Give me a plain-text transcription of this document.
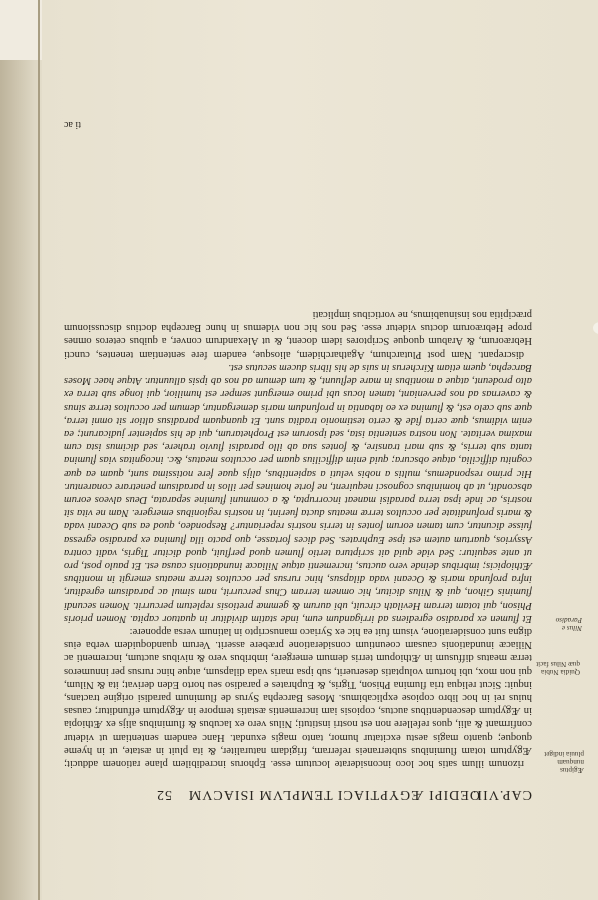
CAP.VII.
52 OEDIPI ÆGYPTIACI TEMPLVM ISIACVM
Ægiptus nunquam pluuia indiget
Quidia Nubia quæ Nilus facit
Nilus e Paradiso

rizonum illum satis hoc loco inconsiderate locutum esse. Ephorus incredibilem plane rationem adducit; Ægyptum totam fluminibus subterraneis referram, frigidam naturaliter, & ita pluit in æstate, ut in hyeme quoque; quanto magis aestu excitatur humor, tanto magis exundat. Hanc eandem sententiam ut videtur confirmant & alii, quos refellere non est nostri instituti; Nilus vero ex lacubus & fluminibus alijs ex Æthiopia in Ægyptum descendentibus auctus, copiosis iam incrementis æstatis tempore in Ægyptum effunditur; causas huius rei in hoc libro copiose explicabimus. Moses Barcepha Syrus de fluminum paradisi origine tractans, inquit: Sicut reliqua tria flumina Phison, Tigris, & Euphrates e paradiso seu horto Eden derivat; ita & Nilum, qui non mox, ubi hortum voluptatis deseruerit, sub ipsa maris vada dilapsum, atque hinc rursus per innumeros terræ meatus diffusum in Æthiopum terris demum emergere, imbribus vero & nivibus auctum, incrementi ac Niliacæ inundationis causam coeuntium consideratione præbere asserit. Verum quandoquidem verba eius digna sunt consideratione, visum fuit ea hic ex Syriaco manuscripto in latinum versa apponere:

Et flumen ex paradiso egrediens ad irrigandum eum, inde statim dividitur in quatuor capita. Nomen prioris Phison, qui totam terram Hevilath circuit, ubi aurum & gemmæ pretiosis repletum percurrit. Nomen secundi fluminis Gihon, qui & Nilus dicitur, hic omnem terram Chus percurrit, nam simul ac paradisum egreditur, infra profunda maris & Oceani vada dilapsus, hinc rursus per occultos terræ meatus emergit in montibus Æthiopicis; imbribus deinde vero auctus, incrementi atque Niliacæ inundationis causa est. Et paulo post, pro ut ante sequitur: Sed vide quid ait scriptura tertio flumen quod perfluit, quod dicitur Tigris, vadit contra Assyrios, quartum autem est ipse Euphrates. Sed dices fortasse, quo pacto illa flumina ex paradiso egressa fuisse dicuntur, cum tamen eorum fontes in terris nostris reperiantur? Respondeo, quod ea sub Oceani vada & maris profunditate per occultos terræ meatus ducta fuerint, in nostris regionibus emergere. Nam ne vita sit nostris, ac inde ipsa terra paradisi maneat incorrupta, & a communi flumine separata, Deus alveos eorum abscondit, ut ab hominibus cognosci nequirent, ne forte homines per illos in paradisum penetrare conarentur. Hic primo respondemus, multis a nobis veluti a sapientibus, alijs quae fere notissima sunt, quam ea quæ cognitu difficilia, atque obscura; quid enim difficilius quam per occultos meatus, &c. incognitas vias flumina tanta sub terris, & sub mari transire, & fontes sua ab illo paradisi fluvio trahere, sed dicimus ista cum maxima veritate. Non nostra sententia ista, sed ipsorum est Prophetarum, qui de his sapienter judicarunt; ea enim vidimus, quæ certa fide & certo testimonio tradita sunt. Et quanquam paradisus altior sit omni terra, quæ sub cælo est, & flumina ex eo labantia in profundum maris demergantur, demum per occultos terræ sinus & cavernas ad nos perveniant, tamen locus ubi primo emergunt semper est humilior, qui longe sub terra ex alto prodeunt, atque a montibus in mare defluunt, & tum demum ad nos ab ipsis alluuntur. Atque haec Moses Barcepha, quem etiam Kircherus in suis de his libris ducem secutus est.

discrepant. Nam post Plutarchum, Agatharchidem, aliosque, eandem fere sententiam tenentes, cuncti Hebræorum, & Arabum quoque Scriptores idem docent, & ut Alexandrum conver, a quibus ceteros omnes prope Hebræorum doctus videtur esse. Sed nos hic non videmus in hunc Barcepha doctius discussionum præcipitia nos insinuabimus, ne vorticibus implicati

ti ac
